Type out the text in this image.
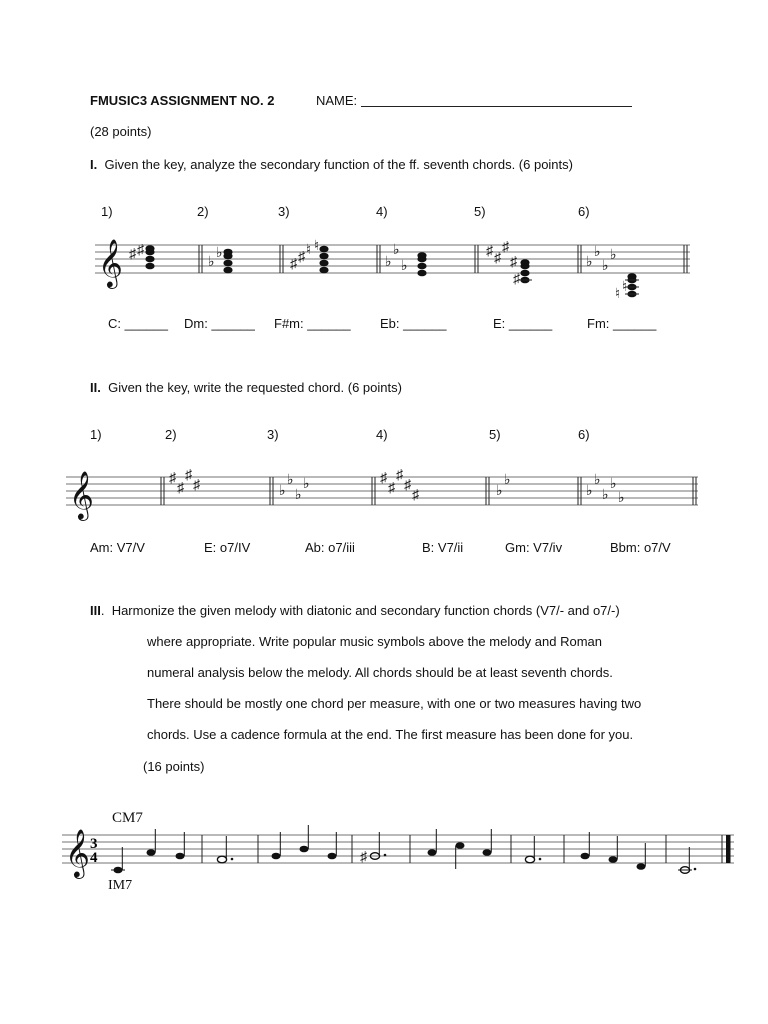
FMUSIC3 ASSIGNMENT NO. 2	NAME:
(28 points)
I. Given the key, analyze the secondary function of the ff. seventh chords. (6 points)
1)	2)	3)	4)	5)	6)
𝄞 ♯ ♯
♭
♭
♯ ♯ ♮ ♮
♭
♭
♭
♯ ♯
♯
♯
♯
♭
♭
♭
♭
♮ ♮
C: ______ Dm: ______ F#m: ______ Eb: ______	E: ______	Fm: ______
II. Given the key, write the requested chord. (6 points)
1)	2)	3)	4)	5)	6)
𝄞	♯
♯
♯
♯	♭
♭
♭
♭	♯
♯
♯
♯
♯	♭
♭
♭
♭
♭
♭
♭
Am: V7/V	E: o7/IV	Ab: o7/iii	B: V7/ii	Gm: V7/iv	Bbm: o7/V
III.  Harmonize the given melody with diatonic and secondary function chords (V7/- and o7/-)
where appropriate. Write popular music symbols above the melody and Roman
numeral analysis below the melody. All chords should be at least seventh chords.
There should be mostly one chord per measure, with one or two measures having two
chords. Use a cadence formula at the end. The first measure has been done for you.
(16 points)
CM7
𝄞 3
4	♯
IM7
